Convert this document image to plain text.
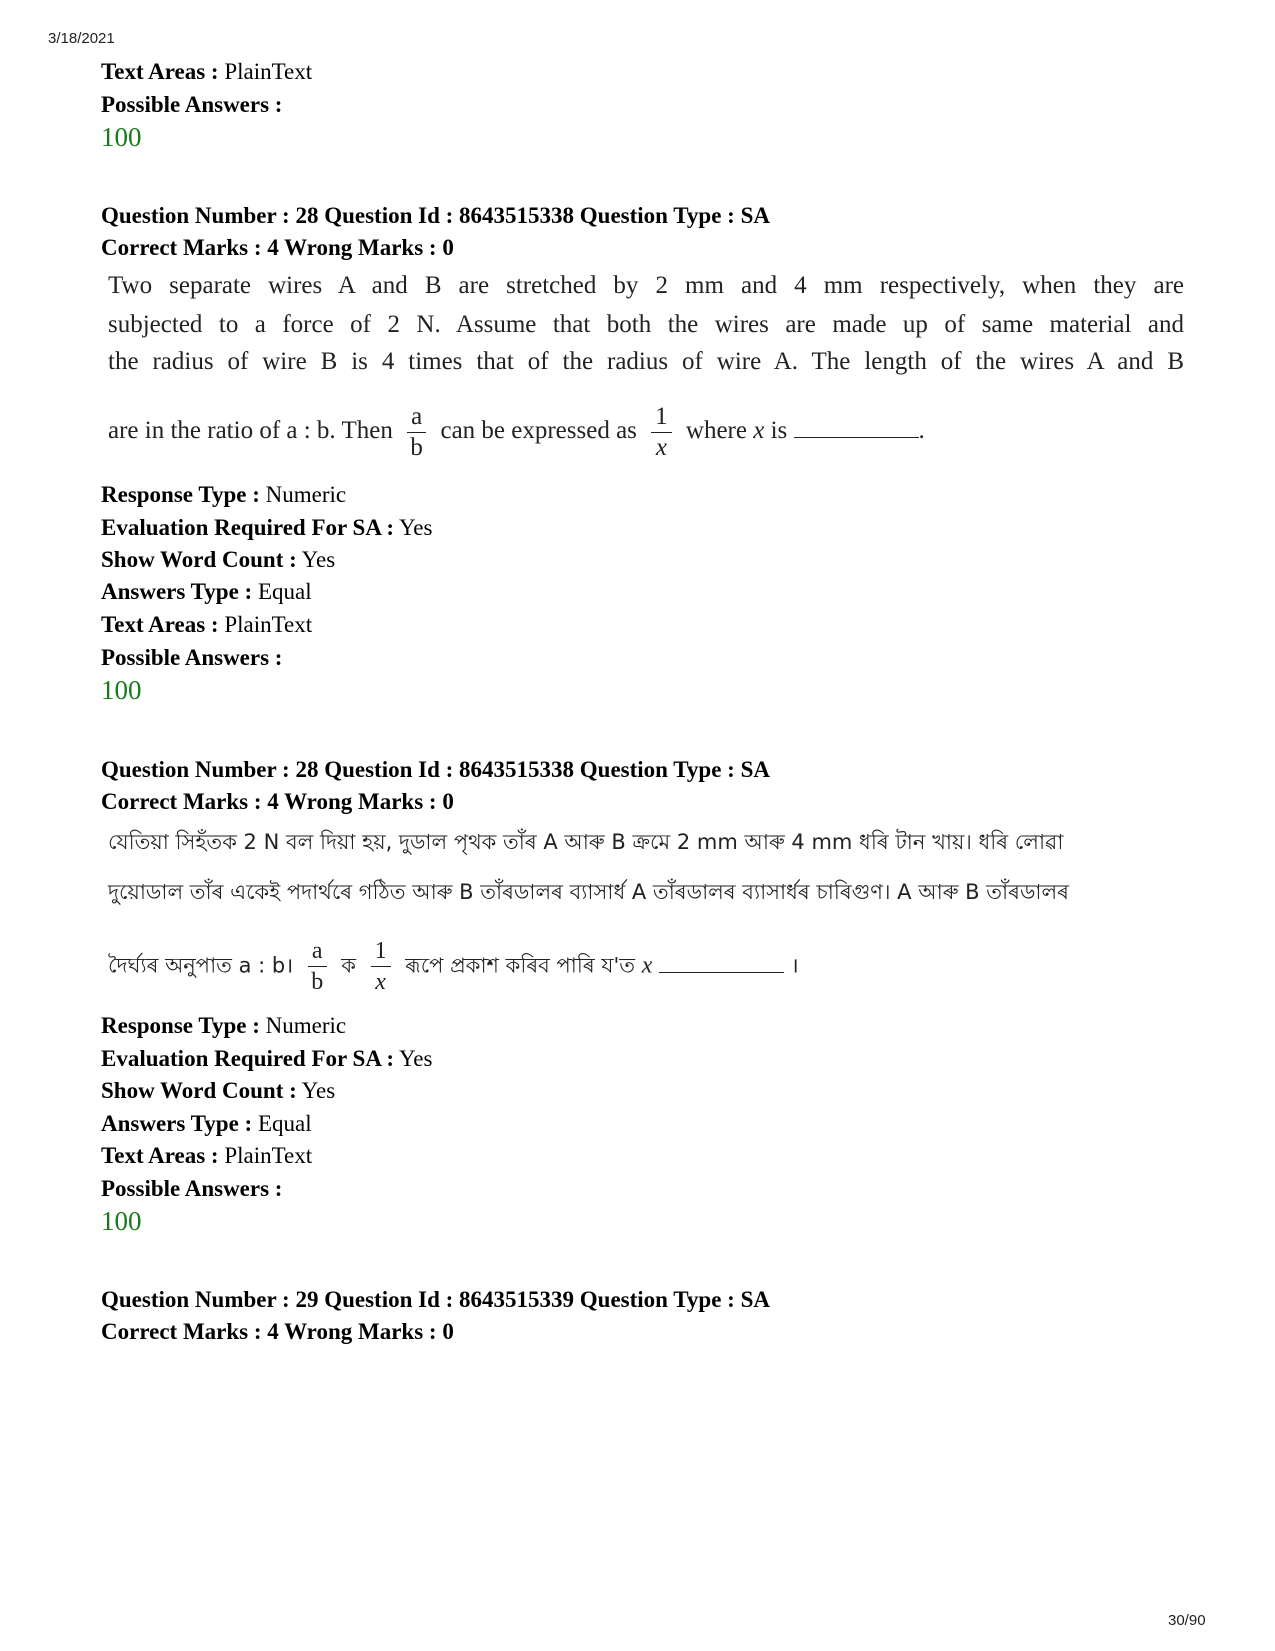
3/18/2021
Text Areas : PlainText
Possible Answers :
100
Question Number : 28 Question Id : 8643515338 Question Type : SA
Correct Marks : 4 Wrong Marks : 0
Two separate wires A and B are stretched by 2 mm and 4 mm respectively, when they are
subjected to a force of 2 N. Assume that both the wires are made up of same material and
the radius of wire B is 4 times that of the radius of wire A. The length of the wires A and B
are in the ratio of a : b. Then $\frac{a}{b}$ can be expressed as $\frac{1}{x}$ where x is	.
Response Type : Numeric
Evaluation Required For SA : Yes
Show Word Count : Yes
Answers Type : Equal
Text Areas : PlainText
Possible Answers :
100
Question Number : 28 Question Id : 8643515338 Question Type : SA
Correct Marks : 4 Wrong Marks : 0
যেতিয়া সিহঁতক 2 N বল দিয়া হয়, দুডাল পৃথক তাঁৰ A আৰু B ক্ৰমে 2 mm আৰু 4 mm ধৰি টান খায়। ধৰি লোৱা
দুয়োডাল তাঁৰ একেই পদাৰ্থৰে গঠিত আৰু B তাঁৰডালৰ ব্যাসাৰ্ধ A তাঁৰডালৰ ব্যাসাৰ্ধৰ চাৰিগুণ। A আৰু B তাঁৰডালৰ
দৈৰ্ঘ্যৰ অনুপাত a : b। $\frac{a}{b}$ ক $\frac{1}{x}$ ৰূপে প্ৰকাশ কৰিব পাৰি য'ত x	।
Response Type : Numeric
Evaluation Required For SA : Yes
Show Word Count : Yes
Answers Type : Equal
Text Areas : PlainText
Possible Answers :
100
Question Number : 29 Question Id : 8643515339 Question Type : SA
Correct Marks : 4 Wrong Marks : 0
30/90
